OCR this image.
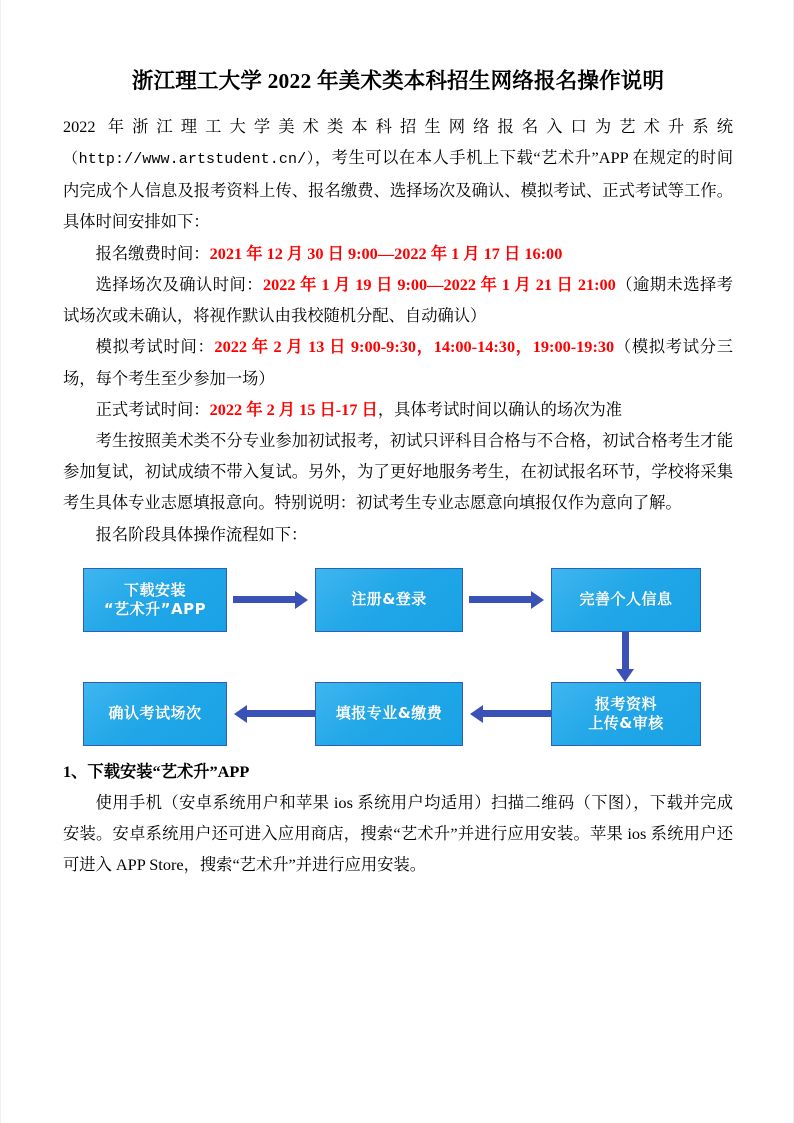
浙江理工大学 2022 年美术类本科招生网络报名操作说明

2022 年浙江理工大学美术类本科招生网络报名入口为艺术升系统

（http://www.artstudent.cn/），考生可以在本人手机上下载“艺术升”APP 在规定的时间内完成个人信息及报考资料上传、报名缴费、选择场次及确认、模拟考试、正式考试等工作。具体时间安排如下：

报名缴费时间：2021 年 12 月 30 日 9:00—2022 年 1 月 17 日 16:00

选择场次及确认时间：2022 年 1 月 19 日 9:00—2022 年 1 月 21 日 21:00（逾期未选择考试场次或未确认，将视作默认由我校随机分配、自动确认）

模拟考试时间：2022 年 2 月 13 日 9:00-9:30，14:00-14:30，19:00-19:30（模拟考试分三场，每个考生至少参加一场）

正式考试时间：2022 年 2 月 15 日-17 日，具体考试时间以确认的场次为准

考生按照美术类不分专业参加初试报考，初试只评科目合格与不合格，初试合格考生才能参加复试，初试成绩不带入复试。另外，为了更好地服务考生，在初试报名环节，学校将采集考生具体专业志愿填报意向。特别说明：初试考生专业志愿意向填报仅作为意向了解。

报名阶段具体操作流程如下：

下载安装
“艺术升”APP
注册&登录	完善个人信息
报考资料
上传&审核
填报专业&缴费
确认考试场次

1、下载安装“艺术升”APP

使用手机（安卓系统用户和苹果 ios 系统用户均适用）扫描二维码（下图），下载并完成安装。安卓系统用户还可进入应用商店，搜索“艺术升”并进行应用安装。苹果 ios 系统用户还可进入 APP Store，搜索“艺术升”并进行应用安装。
